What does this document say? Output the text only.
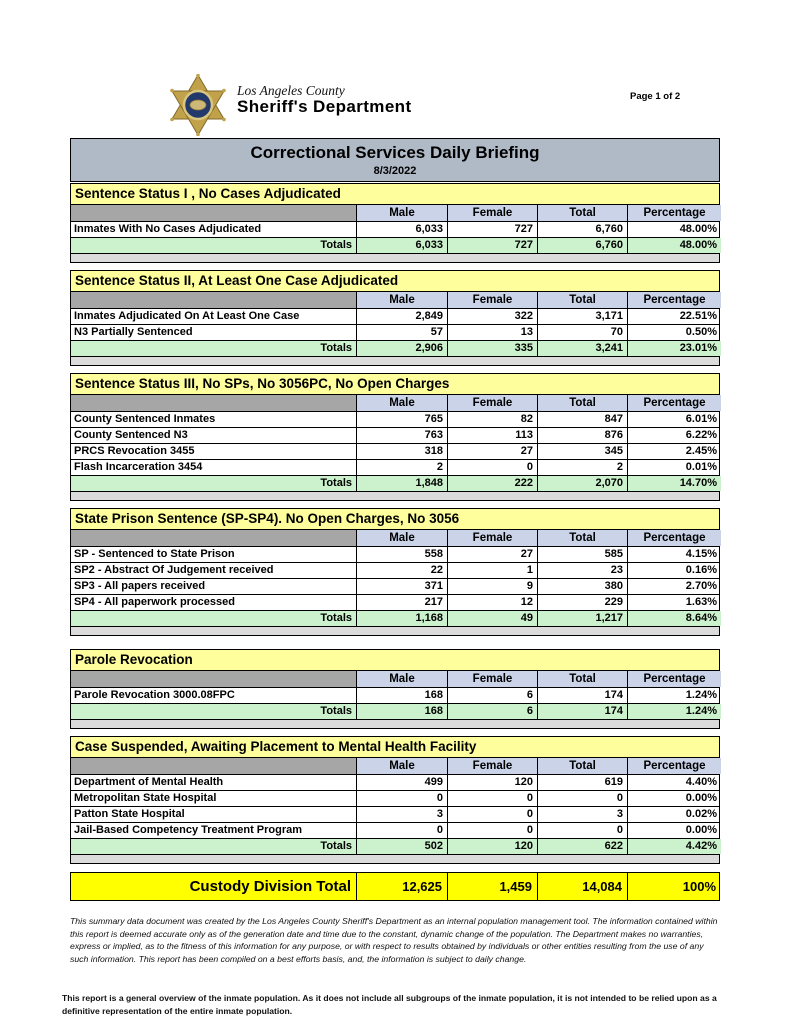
Los Angeles County
Sheriff's Department
Page 1 of 2
Correctional Services Daily Briefing
8/3/2022
Sentence Status I , No Cases Adjudicated
Male	Female	Total	Percentage
Inmates With No Cases Adjudicated	6,033	727	6,760	48.00%
Totals	6,033	727	6,760	48.00%
Sentence Status II, At Least One Case Adjudicated
Male	Female	Total	Percentage
Inmates Adjudicated On At Least One Case	2,849	322	3,171	22.51%
N3 Partially Sentenced	57	13	70	0.50%
Totals	2,906	335	3,241	23.01%
Sentence Status III, No SPs, No 3056PC, No Open Charges
Male	Female	Total	Percentage
County Sentenced Inmates	765	82	847	6.01%
County Sentenced N3	763	113	876	6.22%
PRCS Revocation 3455	318	27	345	2.45%
Flash Incarceration 3454	2	0	2	0.01%
Totals	1,848	222	2,070	14.70%
State Prison Sentence (SP-SP4). No Open Charges, No 3056
Male	Female	Total	Percentage
SP - Sentenced to State Prison	558	27	585	4.15%
SP2 - Abstract Of Judgement received	22	1	23	0.16%
SP3 - All papers received	371	9	380	2.70%
SP4 - All paperwork processed	217	12	229	1.63%
Totals	1,168	49	1,217	8.64%
Parole Revocation
Male	Female	Total	Percentage
Parole Revocation 3000.08FPC	168	6	174	1.24%
Totals	168	6	174	1.24%
Case Suspended, Awaiting Placement to Mental Health Facility
Male	Female	Total	Percentage
Department of Mental Health	499	120	619	4.40%
Metropolitan State Hospital	0	0	0	0.00%
Patton State Hospital	3	0	3	0.02%
Jail-Based Competency Treatment Program	0	0	0	0.00%
Totals	502	120	622	4.42%
Custody Division Total	12,625	1,459	14,084	100%

This summary data document was created by the Los Angeles County Sheriff's Department as an internal population management tool. The information contained within this report is deemed accurate only as of the generation date and time due to the constant, dynamic change of the population. The Department makes no warranties, express or implied, as to the fitness of this information for any purpose, or with respect to results obtained by individuals or other entities resulting from the use of any such information. This report has been compiled on a best efforts basis, and, the information is subject to daily change.

This report is a general overview of the inmate population. As it does not include all subgroups of the inmate population, it is not intended to be relied upon as a definitive representation of the entire inmate population.
